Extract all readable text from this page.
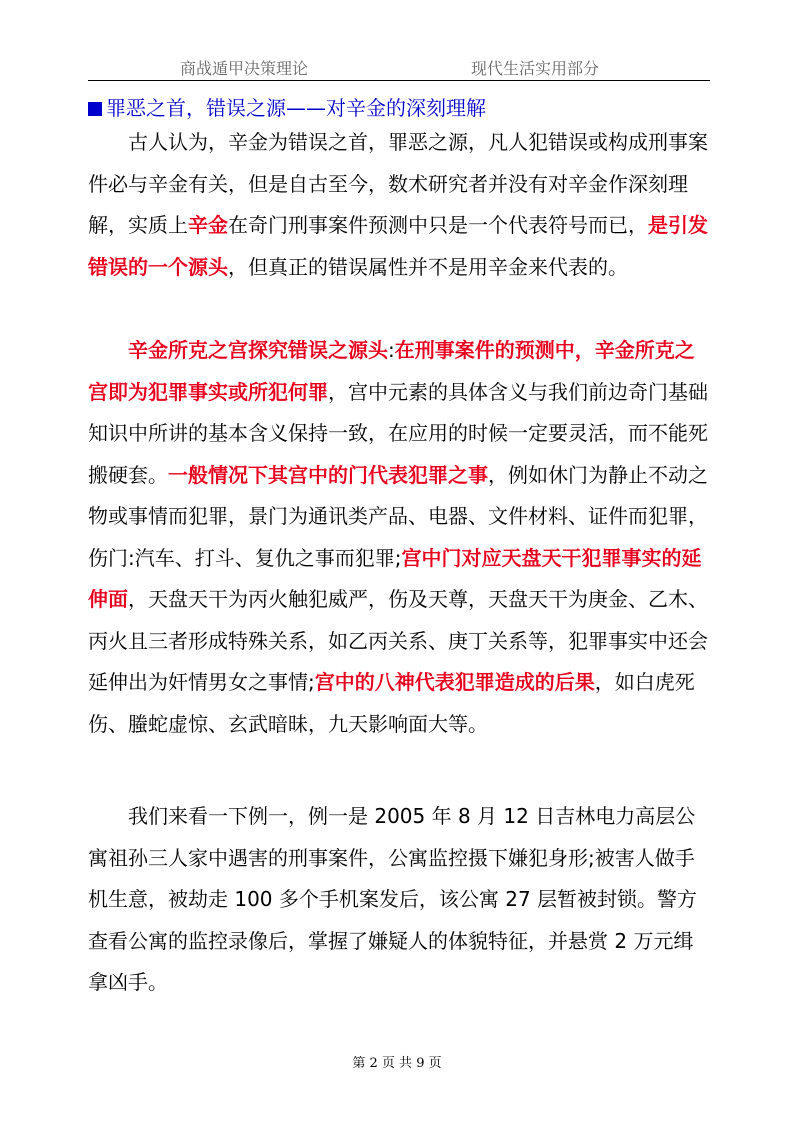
商战遁甲决策理论	现代生活实用部分
罪恶之首，错误之源——对辛金的深刻理解

古人认为，辛金为错误之首，罪恶之源，凡人犯错误或构成刑事案件必与辛金有关，但是自古至今，数术研究者并没有对辛金作深刻理解，实质上辛金在奇门刑事案件预测中只是一个代表符号而已，是引发错误的一个源头，但真正的错误属性并不是用辛金来代表的。

辛金所克之宫探究错误之源头:在刑事案件的预测中，辛金所克之宫即为犯罪事实或所犯何罪，宫中元素的具体含义与我们前边奇门基础知识中所讲的基本含义保持一致，在应用的时候一定要灵活，而不能死搬硬套。一般情况下其宫中的门代表犯罪之事，例如休门为静止不动之物或事情而犯罪，景门为通讯类产品、电器、文件材料、证件而犯罪，伤门:汽车、打斗、复仇之事而犯罪;宫中门对应天盘天干犯罪事实的延伸面，天盘天干为丙火触犯威严，伤及天尊，天盘天干为庚金、乙木、丙火且三者形成特殊关系，如乙丙关系、庚丁关系等，犯罪事实中还会延伸出为奸情男女之事情;宫中的八神代表犯罪造成的后果，如白虎死伤、螣蛇虚惊、玄武暗昧，九天影响面大等。

我们来看一下例一，例一是 2005 年 8 月 12 日吉林电力高层公寓祖孙三人家中遇害的刑事案件，公寓监控摄下嫌犯身形;被害人做手机生意，被劫走 100 多个手机案发后，该公寓 27 层暂被封锁。警方查看公寓的监控录像后，掌握了嫌疑人的体貌特征，并悬赏 2 万元缉拿凶手。

第 2 页 共 9 页
